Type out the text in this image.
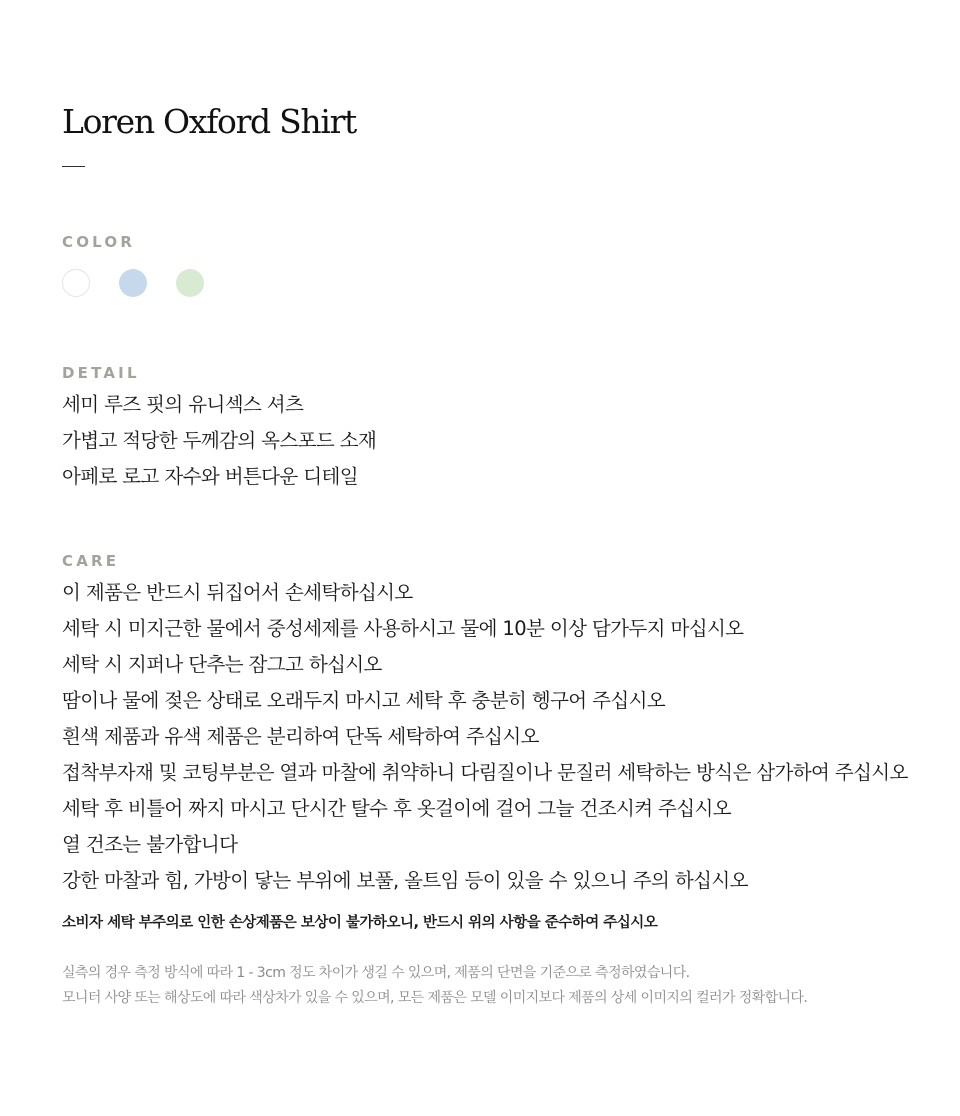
Loren Oxford Shirt
COLOR
DETAIL
세미 루즈 핏의 유니섹스 셔츠
가볍고 적당한 두께감의 옥스포드 소재
아페로 로고 자수와 버튼다운 디테일
CARE
이 제품은 반드시 뒤집어서 손세탁하십시오
세탁 시 미지근한 물에서 중성세제를 사용하시고 물에 10분 이상 담가두지 마십시오
세탁 시 지퍼나 단추는 잠그고 하십시오
땀이나 물에 젖은 상태로 오래두지 마시고 세탁 후 충분히 헹구어 주십시오
흰색 제품과 유색 제품은 분리하여 단독 세탁하여 주십시오
접착부자재 및 코팅부분은 열과 마찰에 취약하니 다림질이나 문질러 세탁하는 방식은 삼가하여 주십시오
세탁 후 비틀어 짜지 마시고 단시간 탈수 후 옷걸이에 걸어 그늘 건조시켜 주십시오
열 건조는 불가합니다
강한 마찰과 힘, 가방이 닿는 부위에 보풀, 올트임 등이 있을 수 있으니 주의 하십시오

소비자 세탁 부주의로 인한 손상제품은 보상이 불가하오니, 반드시 위의 사항을 준수하여 주십시오

실측의 경우 측정 방식에 따라 1 - 3cm 정도 차이가 생길 수 있으며, 제품의 단면을 기준으로 측정하였습니다.
모니터 사양 또는 해상도에 따라 색상차가 있을 수 있으며, 모든 제품은 모델 이미지보다 제품의 상세 이미지의 컬러가 정확합니다.
